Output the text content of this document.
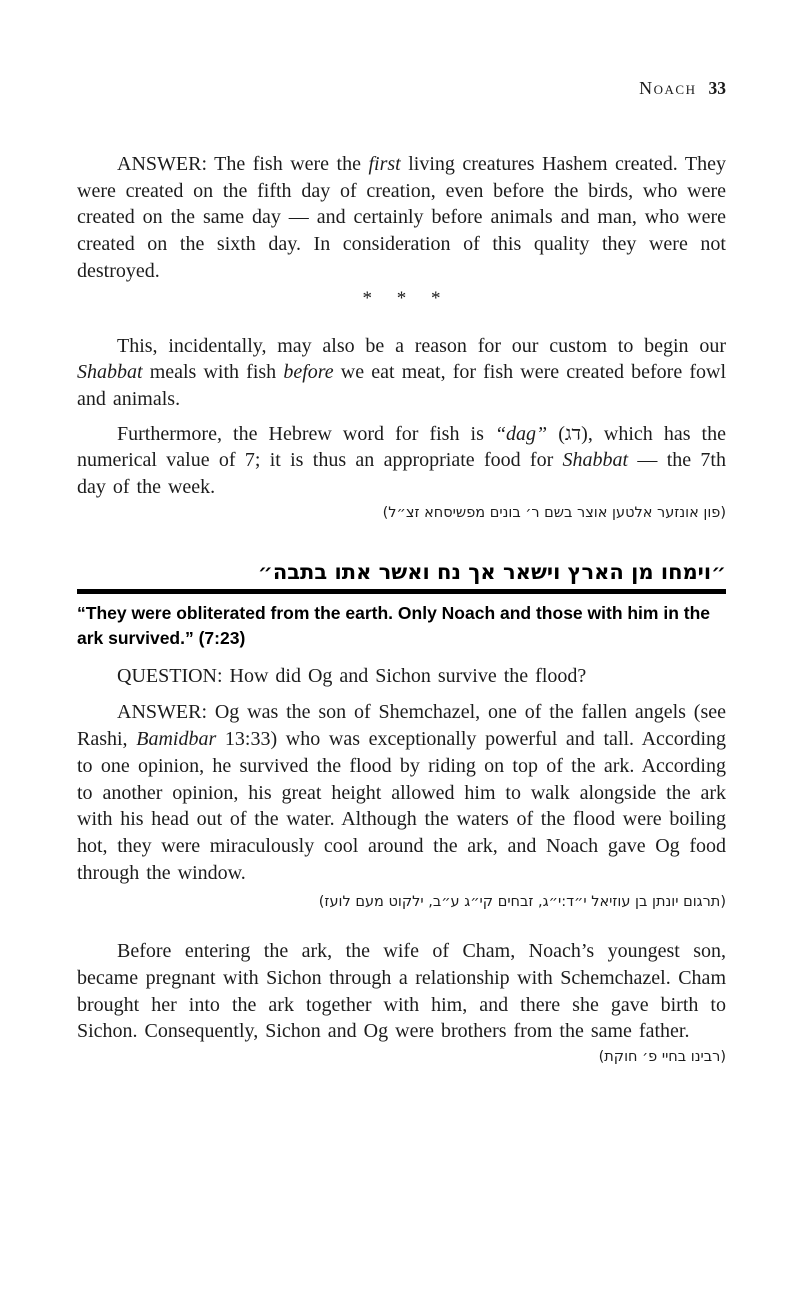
Noach 33

ANSWER: The fish were the first living creatures Hashem created. They were created on the fifth day of creation, even before the birds, who were created on the same day — and certainly before animals and man, who were created on the sixth day. In consideration of this quality they were not destroyed.

* * *

This, incidentally, may also be a reason for our custom to begin our Shabbat meals with fish before we eat meat, for fish were created before fowl and animals.

Furthermore, the Hebrew word for fish is “dag” (דג), which has the numerical value of 7; it is thus an appropriate food for Shabbat — the 7th day of the week.

(פון אונזער אלטען אוצר בשם ר׳ בונים מפשיסחא זצ״ל)
״וימחו מן הארץ וישאר אך נח ואשר אתו בתבה״
“They were obliterated from the earth. Only Noach and those with him in the ark survived.” (7:23)

QUESTION: How did Og and Sichon survive the flood?

ANSWER: Og was the son of Shemchazel, one of the fallen angels (see Rashi, Bamidbar 13:33) who was exceptionally powerful and tall. According to one opinion, he survived the flood by riding on top of the ark. According to another opinion, his great height allowed him to walk alongside the ark with his head out of the water. Although the waters of the flood were boiling hot, they were miraculously cool around the ark, and Noach gave Og food through the window.

(תרגום יונתן בן עוזיאל י״ד:י״ג, זבחים קי״ג ע״ב, ילקוט מעם לועז)

Before entering the ark, the wife of Cham, Noach’s youngest son, became pregnant with Sichon through a relationship with Schemchazel. Cham brought her into the ark together with him, and there she gave birth to Sichon. Consequently, Sichon and Og were brothers from the same father.

(רבינו בחיי פ׳ חוקת)
